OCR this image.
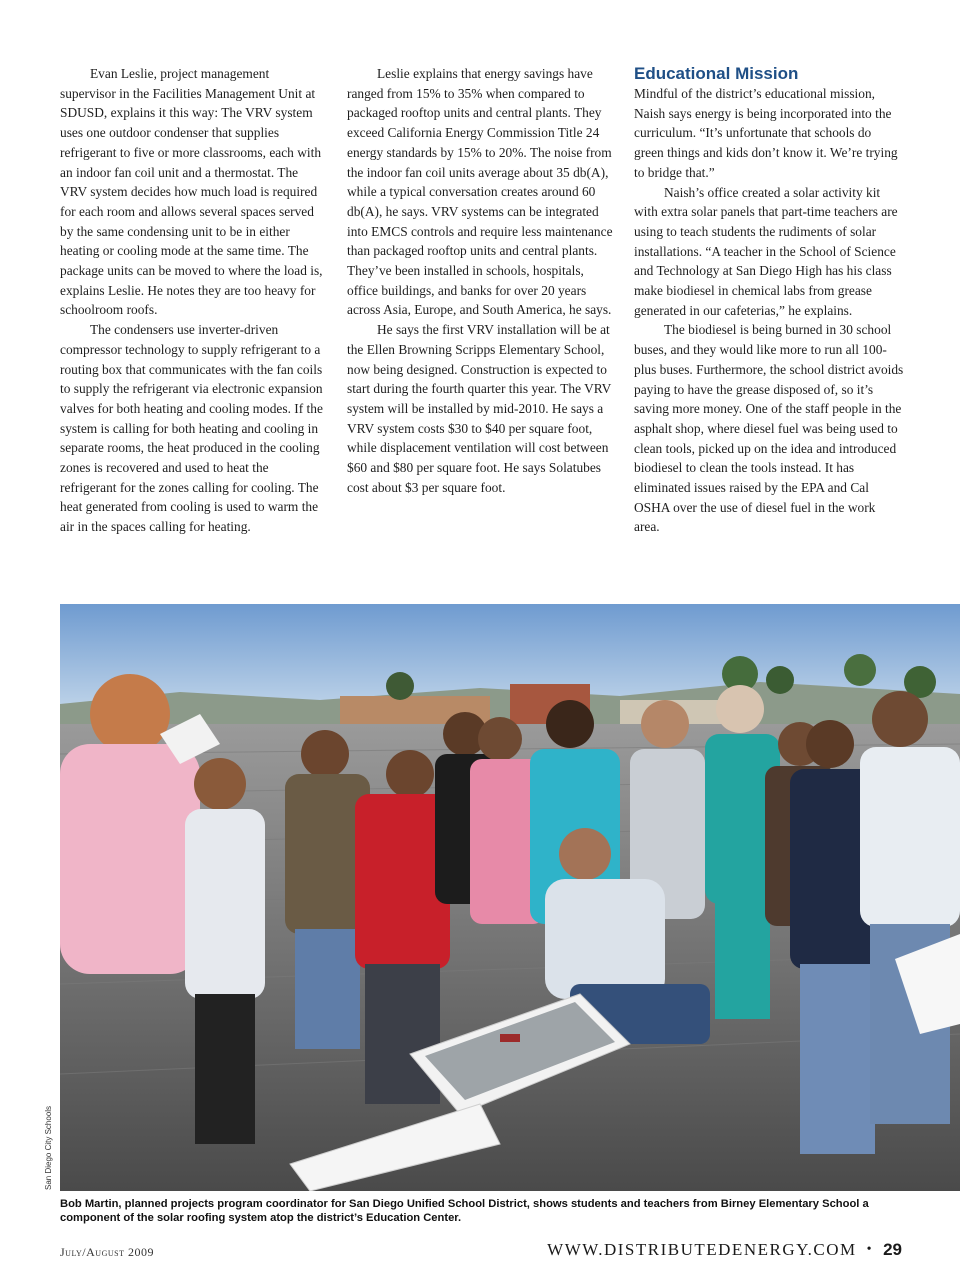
Evan Leslie, project management supervisor in the Facilities Management Unit at SDUSD, explains it this way: The VRV system uses one outdoor condenser that supplies refrigerant to five or more classrooms, each with an indoor fan coil unit and a thermostat. The VRV system decides how much load is required for each room and allows several spaces served by the same condensing unit to be in either heating or cooling mode at the same time. The package units can be moved to where the load is, explains Leslie. He notes they are too heavy for schoolroom roofs.

The condensers use inverter-driven compressor technology to supply refrigerant to a routing box that communicates with the fan coils to supply the refrigerant via electronic expansion valves for both heating and cooling modes. If the system is calling for both heating and cooling in separate rooms, the heat produced in the cooling zones is recovered and used to heat the refrigerant for the zones calling for cooling. The heat generated from cooling is used to warm the air in the spaces calling for heating.

Leslie explains that energy savings have ranged from 15% to 35% when compared to packaged rooftop units and central plants. They exceed California Energy Commission Title 24 energy standards by 15% to 20%. The noise from the indoor fan coil units average about 35 db(A), while a typical conversation creates around 60 db(A), he says. VRV systems can be integrated into EMCS controls and require less maintenance than packaged rooftop units and central plants. They’ve been installed in schools, hospitals, office buildings, and banks for over 20 years across Asia, Europe, and South America, he says.

He says the first VRV installation will be at the Ellen Browning Scripps Elementary School, now being designed. Construction is expected to start during the fourth quarter this year. The VRV system will be installed by mid-2010. He says a VRV system costs $30 to $40 per square foot, while displacement ventilation will cost between $60 and $80 per square foot. He says Solatubes cost about $3 per square foot.

Educational Mission

Mindful of the district’s educational mission, Naish says energy is being incorporated into the curriculum. “It’s unfortunate that schools do green things and kids don’t know it. We’re trying to bridge that.”

Naish’s office created a solar activity kit with extra solar panels that part-time teachers are using to teach students the rudiments of solar installations. “A teacher in the School of Science and Technology at San Diego High has his class make biodiesel in chemical labs from grease generated in our cafeterias,” he explains.

The biodiesel is being burned in 30 school buses, and they would like more to run all 100-plus buses. Furthermore, the school district avoids paying to have the grease disposed of, so it’s saving more money. One of the staff people in the asphalt shop, where diesel fuel was being used to clean tools, picked up on the idea and introduced biodiesel to clean the tools instead. It has eliminated issues raised by the EPA and Cal OSHA over the use of diesel fuel in the work area.

San Diego City Schools
Bob Martin, planned projects program coordinator for San Diego Unified School District, shows students and teachers from Birney Elementary School a component of the solar roofing system atop the district’s Education Center.
July/August 2009	WWW.DISTRIBUTEDENERGY.COM • 29
